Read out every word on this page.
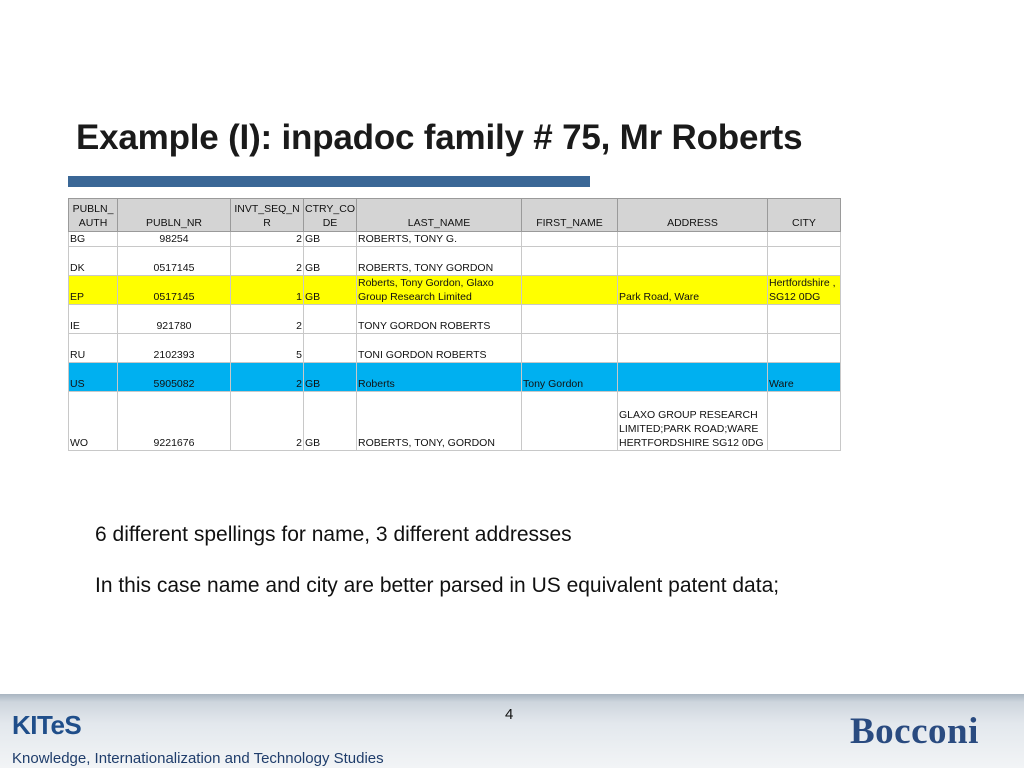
Example (I): inpadoc family # 75, Mr Roberts
PUBLN_ AUTH	PUBLN_NR	INVT_SEQ_N R	CTRY_CO DE	LAST_NAME	FIRST_NAME	ADDRESS	CITY
BG	98254	2	GB	ROBERTS, TONY G.			
DK	0517145	2	GB	ROBERTS, TONY GORDON			
EP	0517145	1	GB	Roberts, Tony Gordon, Glaxo Group Research Limited		Park Road, Ware	Hertfordshire , SG12 0DG
IE	921780	2		TONY GORDON ROBERTS			
RU	2102393	5		TONI GORDON ROBERTS			
US	5905082	2	GB	Roberts	Tony Gordon		Ware
WO	9221676	2	GB	ROBERTS, TONY, GORDON		GLAXO GROUP RESEARCH LIMITED;PARK ROAD;WARE HERTFORDSHIRE SG12 0DG	

6 different spellings for name, 3 different addresses

In this case name and city are better parsed in US equivalent patent data;

KITeS
Knowledge, Internationalization and Technology Studies
4	Bocconi
